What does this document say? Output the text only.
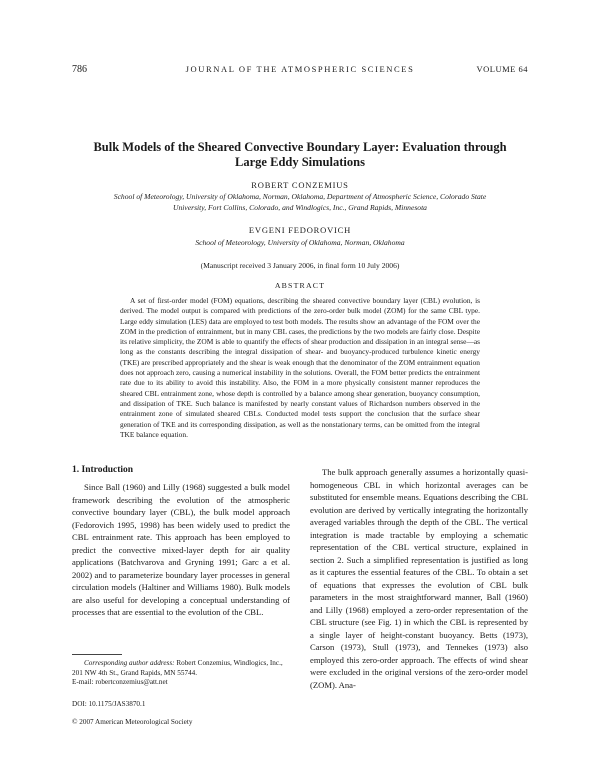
786	JOURNAL OF THE ATMOSPHERIC SCIENCES	VOLUME 64
Bulk Models of the Sheared Convective Boundary Layer: Evaluation through Large Eddy Simulations
ROBERT CONZEMIUS
School of Meteorology, University of Oklahoma, Norman, Oklahoma, Department of Atmospheric Science, Colorado State University, Fort Collins, Colorado, and Windlogics, Inc., Grand Rapids, Minnesota
EVGENI FEDOROVICH
School of Meteorology, University of Oklahoma, Norman, Oklahoma
(Manuscript received 3 January 2006, in final form 10 July 2006)
ABSTRACT

A set of first-order model (FOM) equations, describing the sheared convective boundary layer (CBL) evolution, is derived. The model output is compared with predictions of the zero-order bulk model (ZOM) for the same CBL type. Large eddy simulation (LES) data are employed to test both models. The results show an advantage of the FOM over the ZOM in the prediction of entrainment, but in many CBL cases, the predictions by the two models are fairly close. Despite its relative simplicity, the ZOM is able to quantify the effects of shear production and dissipation in an integral sense—as long as the constants describing the integral dissipation of shear- and buoyancy-produced turbulence kinetic energy (TKE) are prescribed appropriately and the shear is weak enough that the denominator of the ZOM entrainment equation does not approach zero, causing a numerical instability in the solutions. Overall, the FOM better predicts the entrainment rate due to its ability to avoid this instability. Also, the FOM in a more physically consistent manner reproduces the sheared CBL entrainment zone, whose depth is controlled by a balance among shear generation, buoyancy consumption, and dissipation of TKE. Such balance is manifested by nearly constant values of Richardson numbers observed in the entrainment zone of simulated sheared CBLs. Conducted model tests support the conclusion that the surface shear generation of TKE and its corresponding dissipation, as well as the nonstationary terms, can be omitted from the integral TKE balance equation.

1. Introduction

Since Ball (1960) and Lilly (1968) suggested a bulk model framework describing the evolution of the atmospheric convective boundary layer (CBL), the bulk model approach (Fedorovich 1995, 1998) has been widely used to predict the CBL entrainment rate. This approach has been employed to predict the convective mixed-layer depth for air quality applications (Batchvarova and Gryning 1991; Garc a et al. 2002) and to parameterize boundary layer processes in general circulation models (Haltiner and Williams 1980). Bulk models are also useful for developing a conceptual understanding of processes that are essential to the evolution of the CBL.

The bulk approach generally assumes a horizontally quasi-homogeneous CBL in which horizontal averages can be substituted for ensemble means. Equations describing the CBL evolution are derived by vertically integrating the horizontally averaged variables through the depth of the CBL. The vertical integration is made tractable by employing a schematic representation of the CBL vertical structure, explained in section 2. Such a simplified representation is justified as long as it captures the essential features of the CBL. To obtain a set of equations that expresses the evolution of CBL bulk parameters in the most straightforward manner, Ball (1960) and Lilly (1968) employed a zero-order representation of the CBL structure (see Fig. 1) in which the CBL is represented by a single layer of height-constant buoyancy. Betts (1973), Carson (1973), Stull (1973), and Tennekes (1973) also employed this zero-order approach. The effects of wind shear were excluded in the original versions of the zero-order model (ZOM). Ana-

Corresponding author address: Robert Conzemius, Windlogics, Inc., 201 NW 4th St., Grand Rapids, MN 55744.
E-mail: robertconzemius@att.net

DOI: 10.1175/JAS3870.1
© 2007 American Meteorological Society
